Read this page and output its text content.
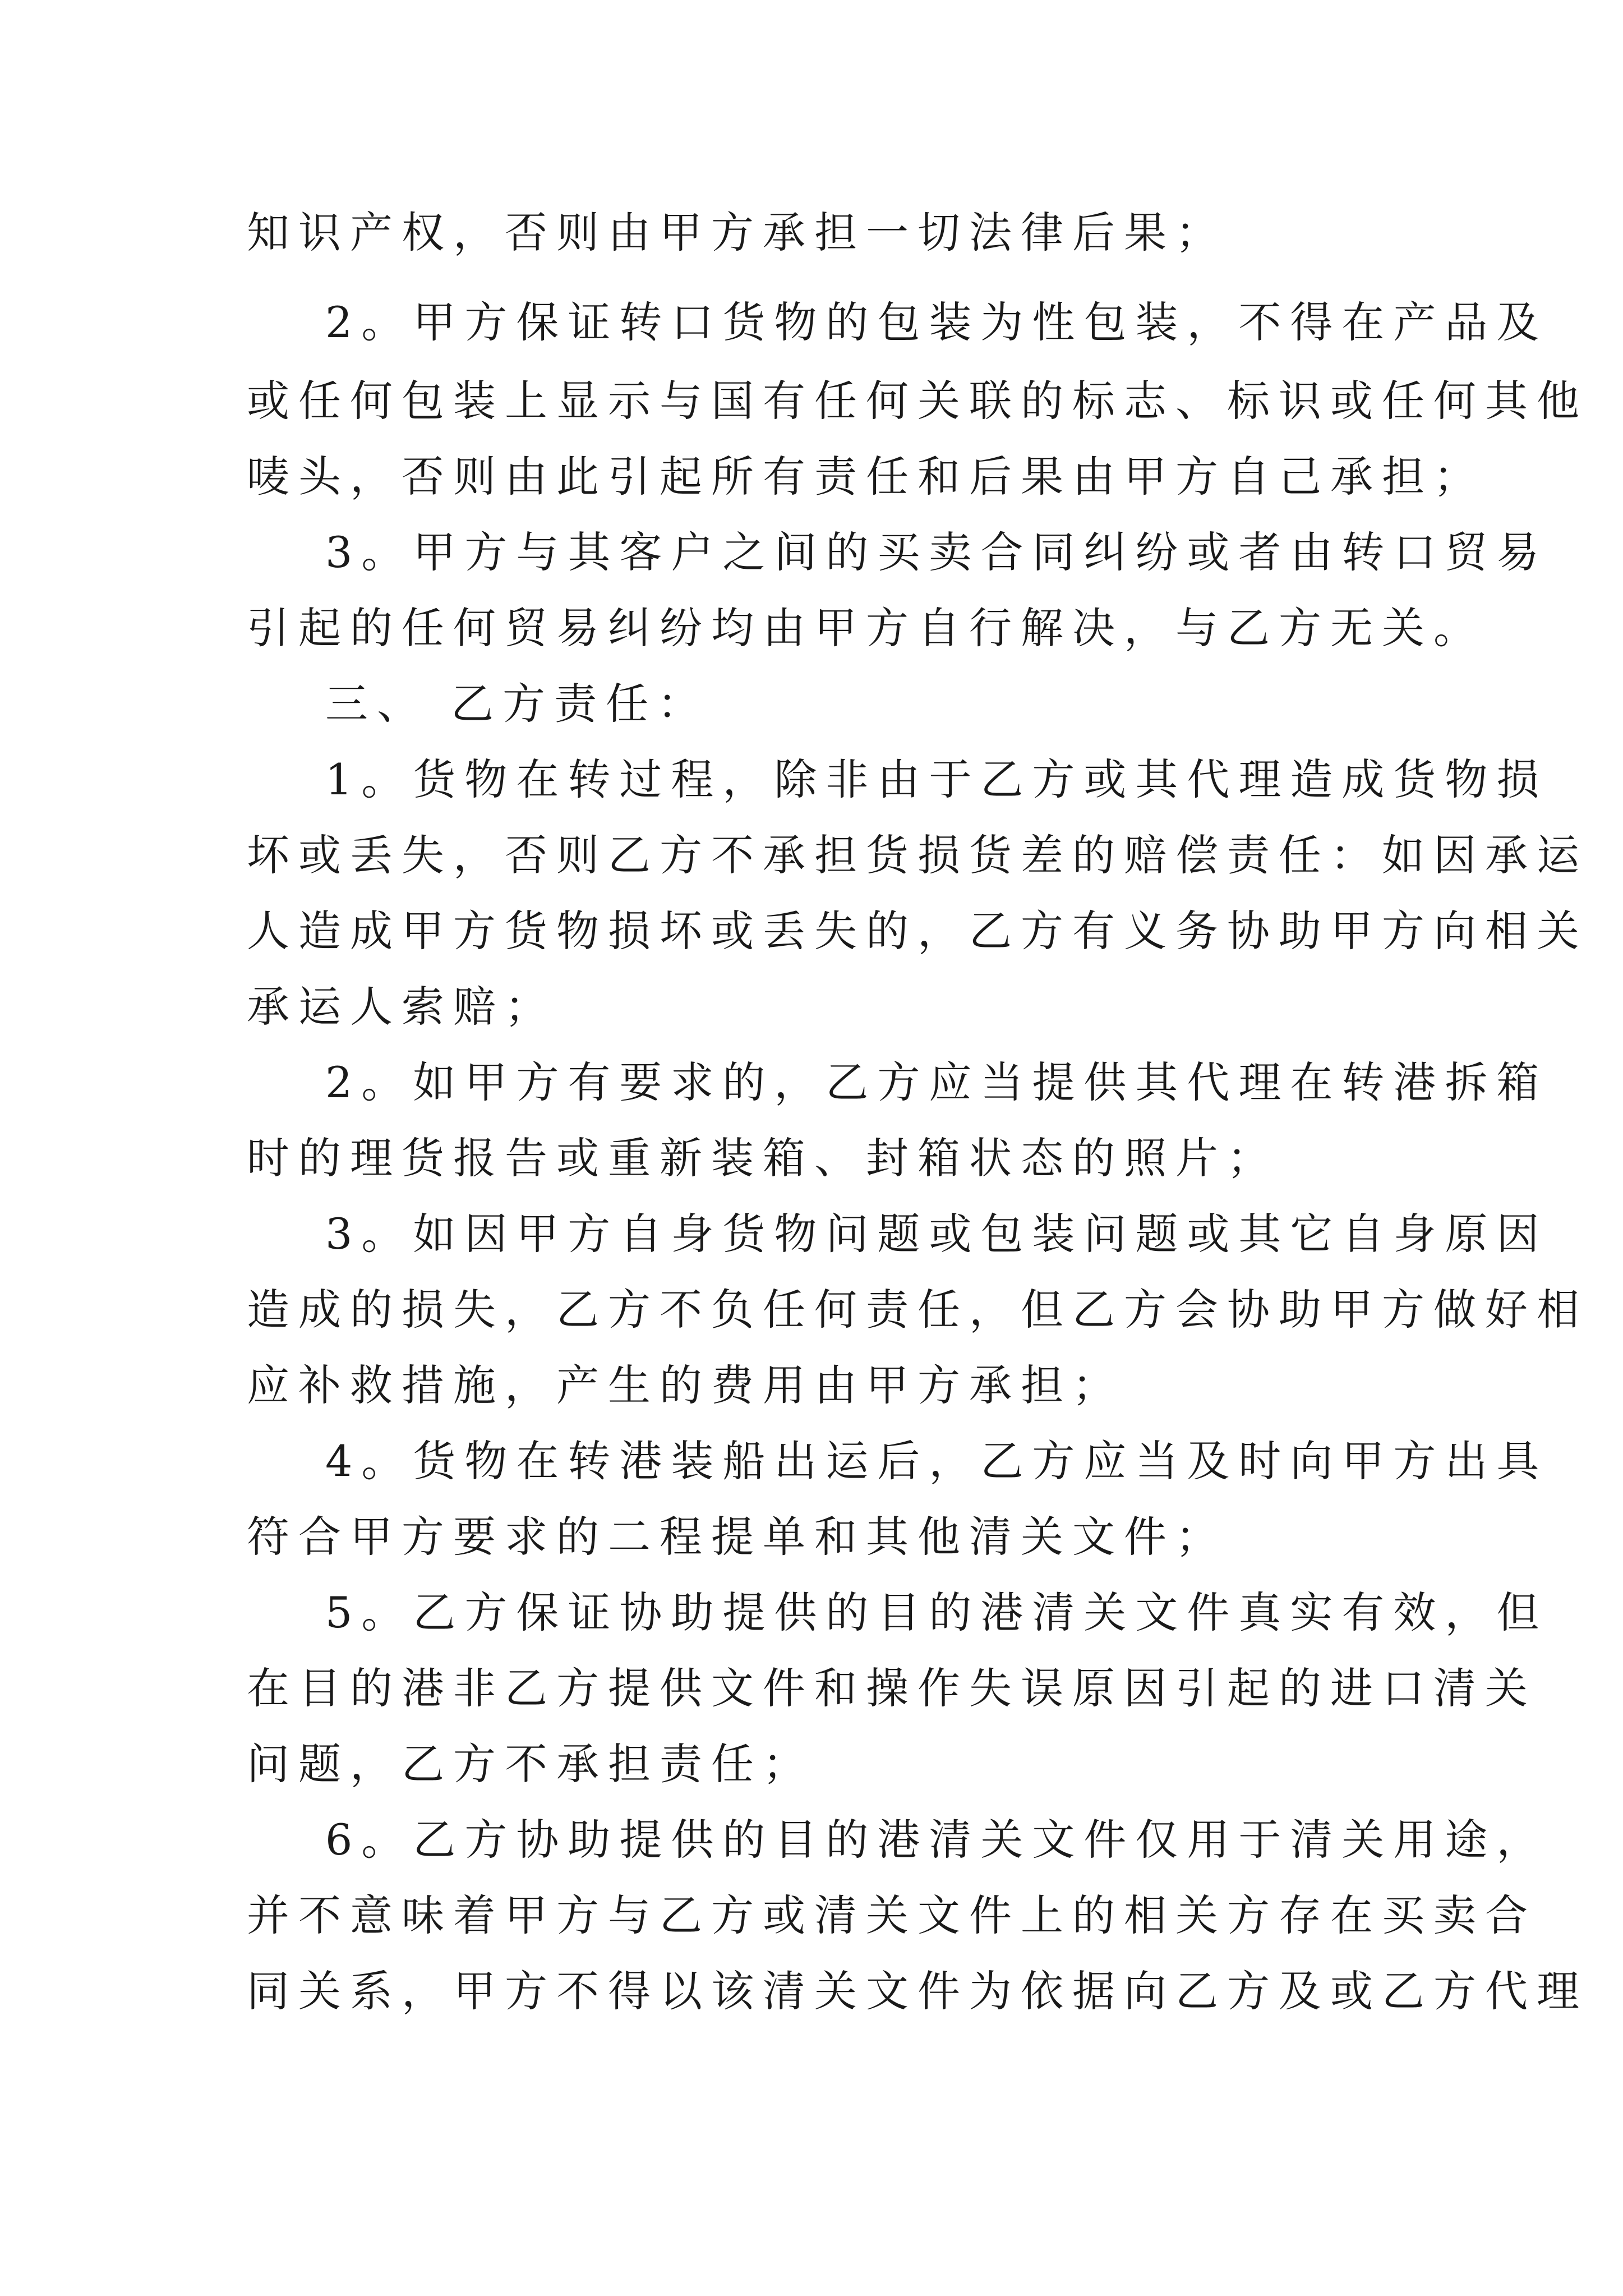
知识产权，否则由甲方承担一切法律后果；
2。甲方保证转口货物的包装为性包装，不得在产品及
或任何包装上显示与国有任何关联的标志、标识或任何其他
唛头，否则由此引起所有责任和后果由甲方自己承担；
3。甲方与其客户之间的买卖合同纠纷或者由转口贸易
引起的任何贸易纠纷均由甲方自行解决，与乙方无关。
三、 乙方责任：
1。货物在转过程，除非由于乙方或其代理造成货物损
坏或丢失，否则乙方不承担货损货差的赔偿责任：如因承运
人造成甲方货物损坏或丢失的，乙方有义务协助甲方向相关
承运人索赔；
2。如甲方有要求的，乙方应当提供其代理在转港拆箱
时的理货报告或重新装箱、封箱状态的照片；
3。如因甲方自身货物问题或包装问题或其它自身原因
造成的损失，乙方不负任何责任，但乙方会协助甲方做好相
应补救措施，产生的费用由甲方承担；
4。货物在转港装船出运后，乙方应当及时向甲方出具
符合甲方要求的二程提单和其他清关文件；
5。乙方保证协助提供的目的港清关文件真实有效，但
在目的港非乙方提供文件和操作失误原因引起的进口清关
问题，乙方不承担责任；
6。乙方协助提供的目的港清关文件仅用于清关用途，
并不意味着甲方与乙方或清关文件上的相关方存在买卖合
同关系，甲方不得以该清关文件为依据向乙方及或乙方代理
